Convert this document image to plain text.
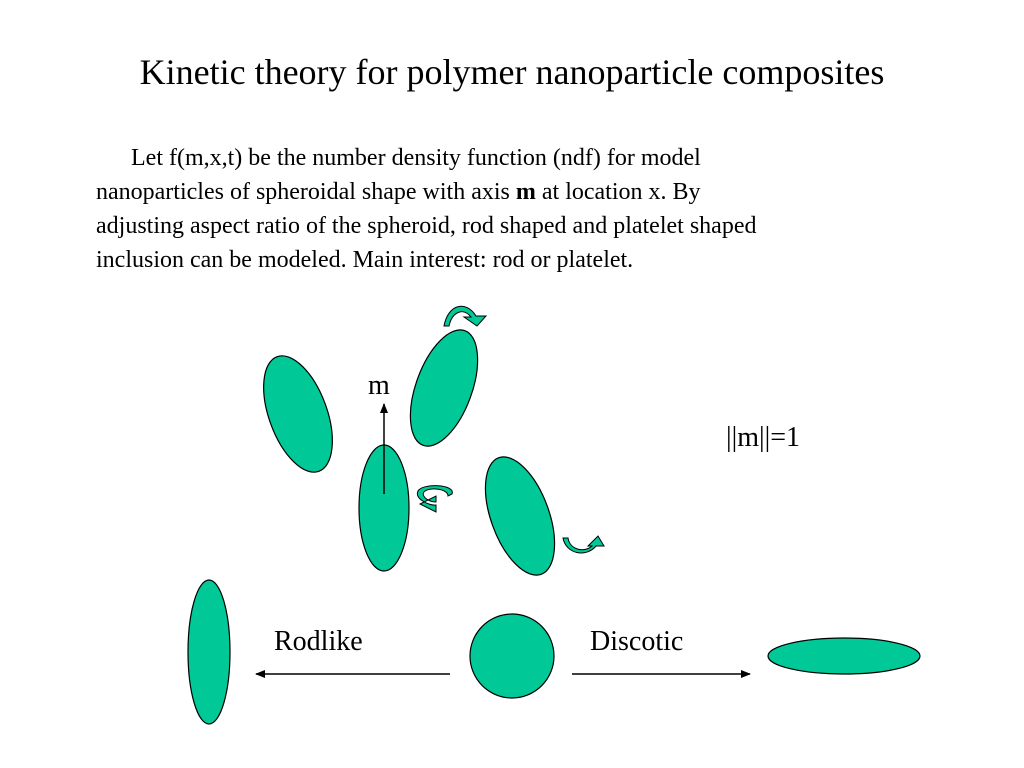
Kinetic theory for polymer nanoparticle composites
Let f(m,x,t) be the number density function (ndf) for model
nanoparticles of spheroidal shape with axis m at location x. By
adjusting aspect ratio of the spheroid, rod shaped and platelet shaped
inclusion can be modeled. Main interest: rod or platelet.
m
||m||=1
Rodlike	Discotic
